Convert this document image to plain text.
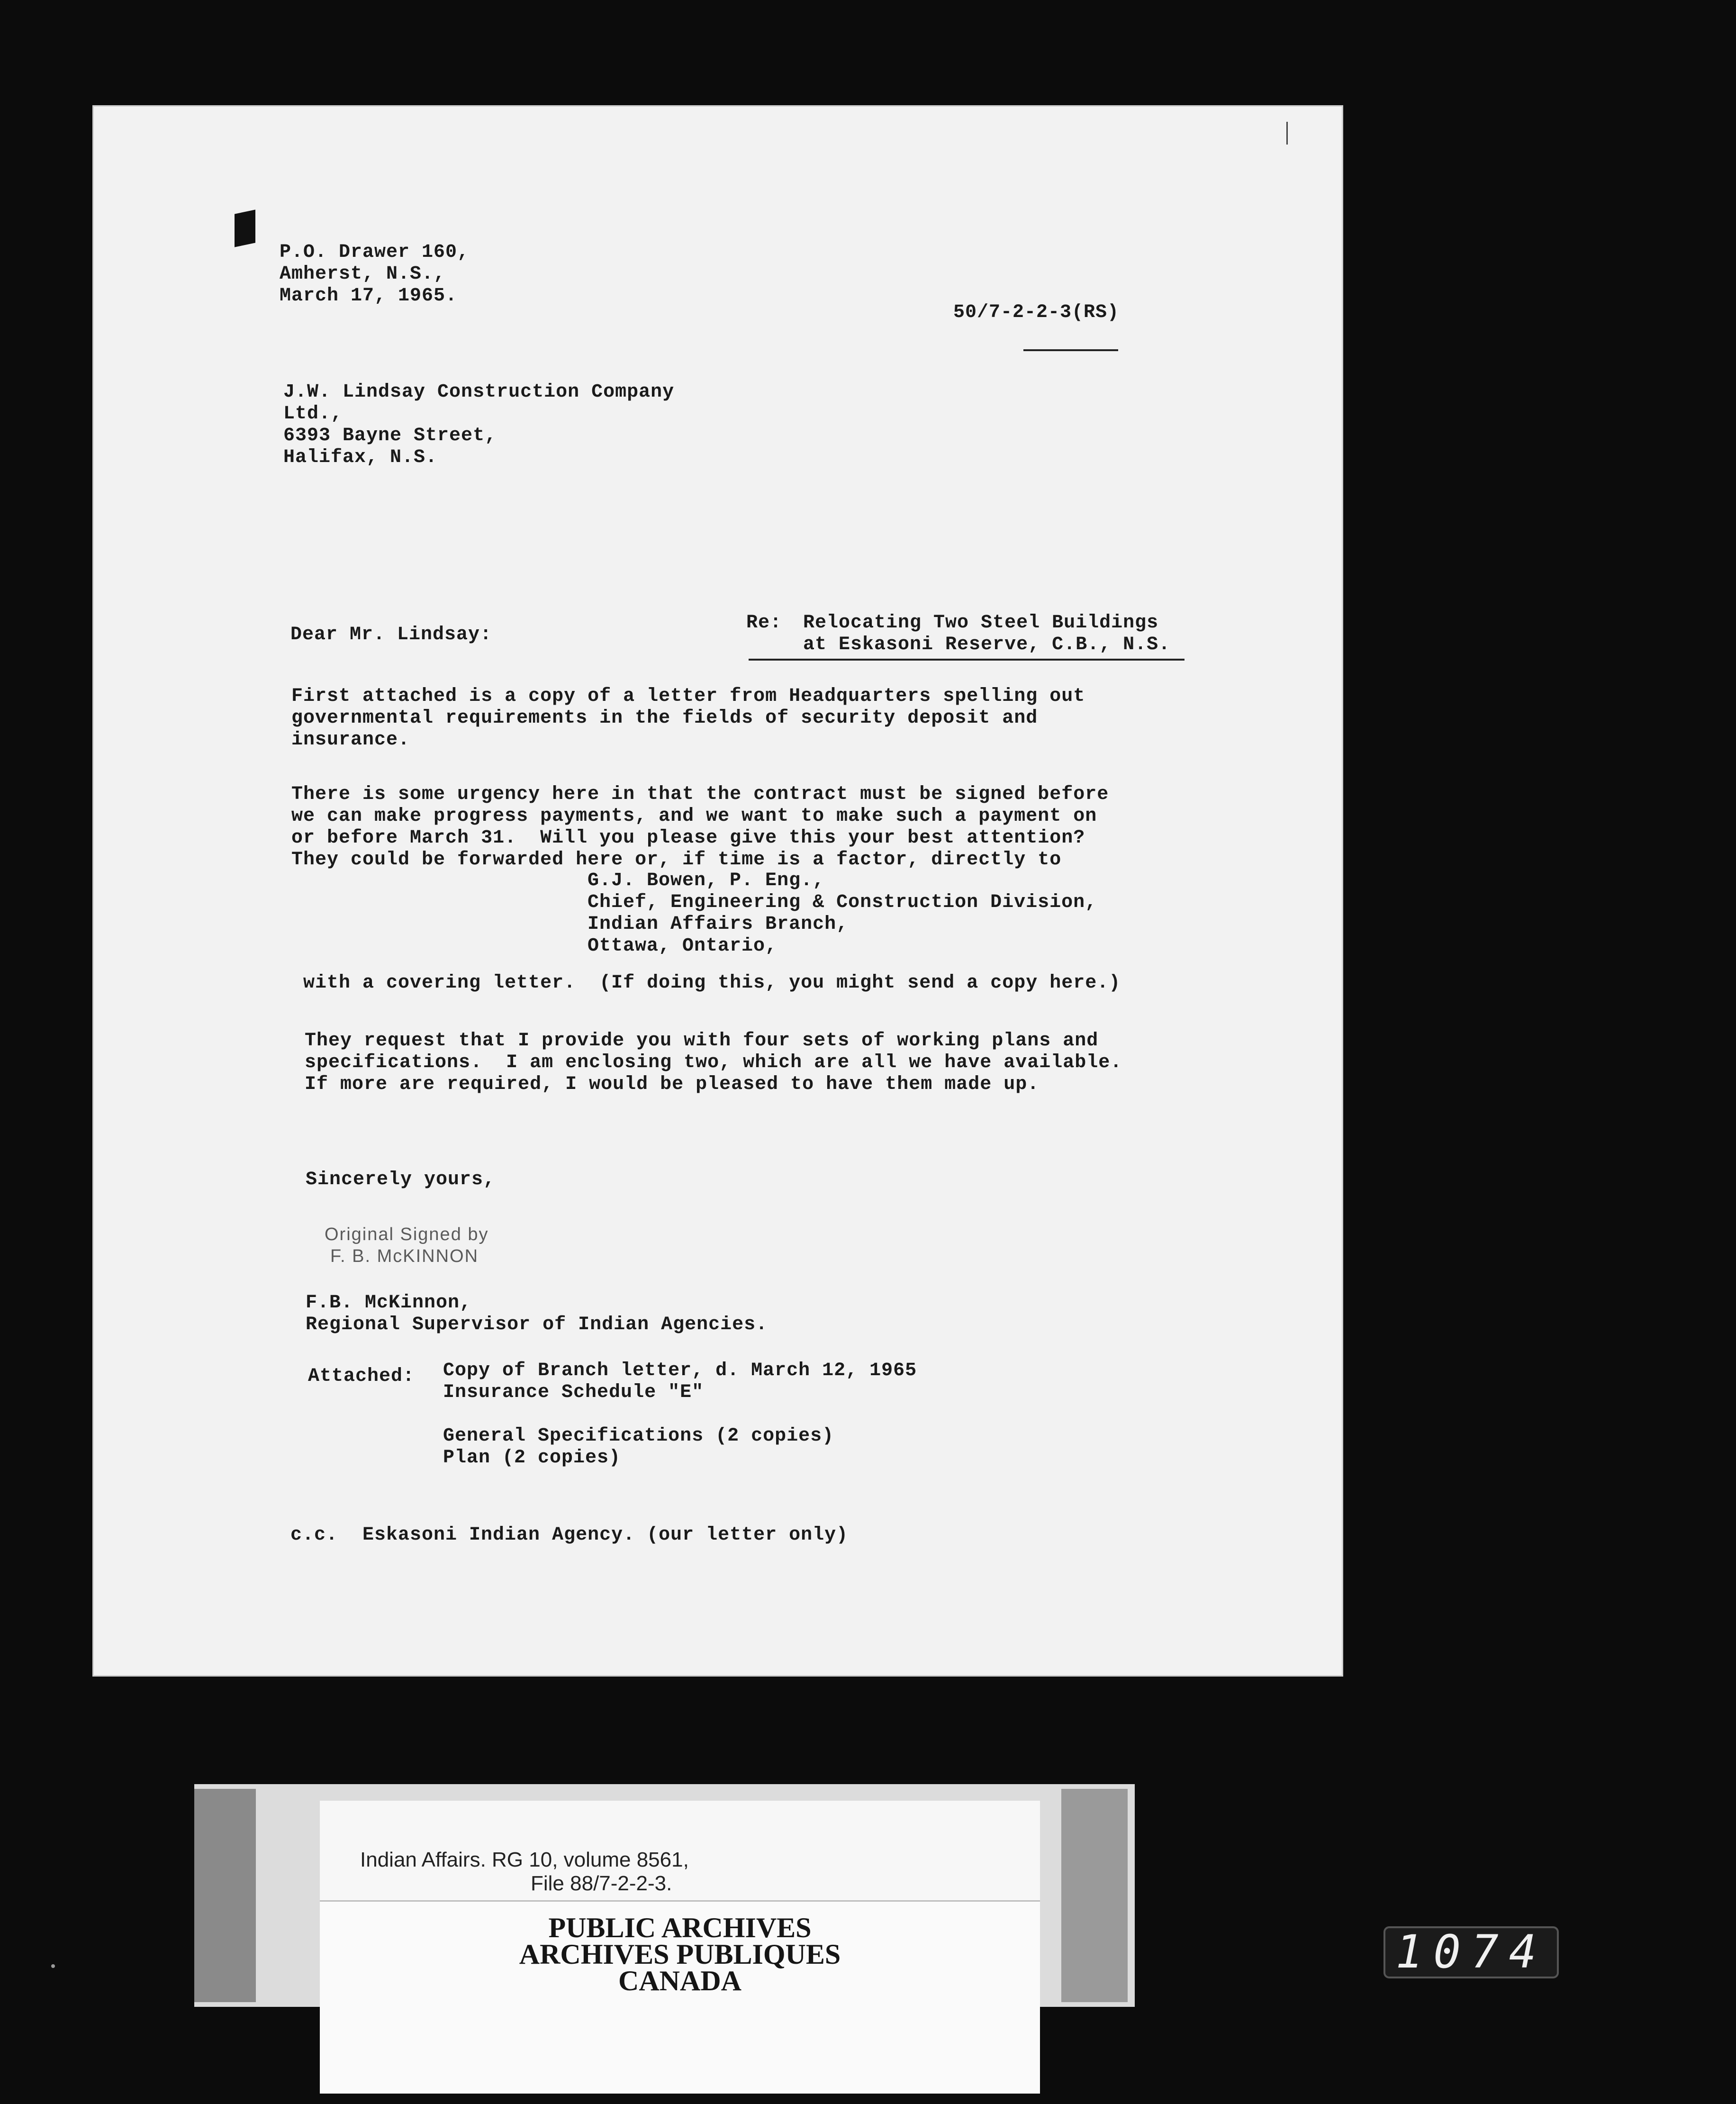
P.O. Drawer 160,
Amherst, N.S.,
March 17, 1965.
50/7-2-2-3(RS)
J.W. Lindsay Construction Company
Ltd.,
6393 Bayne Street,
Halifax, N.S.
Dear Mr. Lindsay:
Re: Relocating Two Steel Buildings
at Eskasoni Reserve, C.B., N.S.
First attached is a copy of a letter from Headquarters spelling out
governmental requirements in the fields of security deposit and
insurance.
There is some urgency here in that the contract must be signed before
we can make progress payments, and we want to make such a payment on
or before March 31.  Will you please give this your best attention?
They could be forwarded here or, if time is a factor, directly to
G.J. Bowen, P. Eng.,
Chief, Engineering & Construction Division,
Indian Affairs Branch,
Ottawa, Ontario,
with a covering letter.  (If doing this, you might send a copy here.)
They request that I provide you with four sets of working plans and
specifications.  I am enclosing two, which are all we have available.
If more are required, I would be pleased to have them made up.
Sincerely yours,
Original Signed by
F. B. McKINNON
F.B. McKinnon,
Regional Supervisor of Indian Agencies.
Attached: Copy of Branch letter, d. March 12, 1965
Insurance Schedule "E"
General Specifications (2 copies)
Plan (2 copies)
c.c. Eskasoni Indian Agency. (our letter only)
Indian Affairs. RG 10, volume 8561,
File 88/7-2-2-3.
PUBLIC ARCHIVES
ARCHIVES PUBLIQUES
CANADA
1074
